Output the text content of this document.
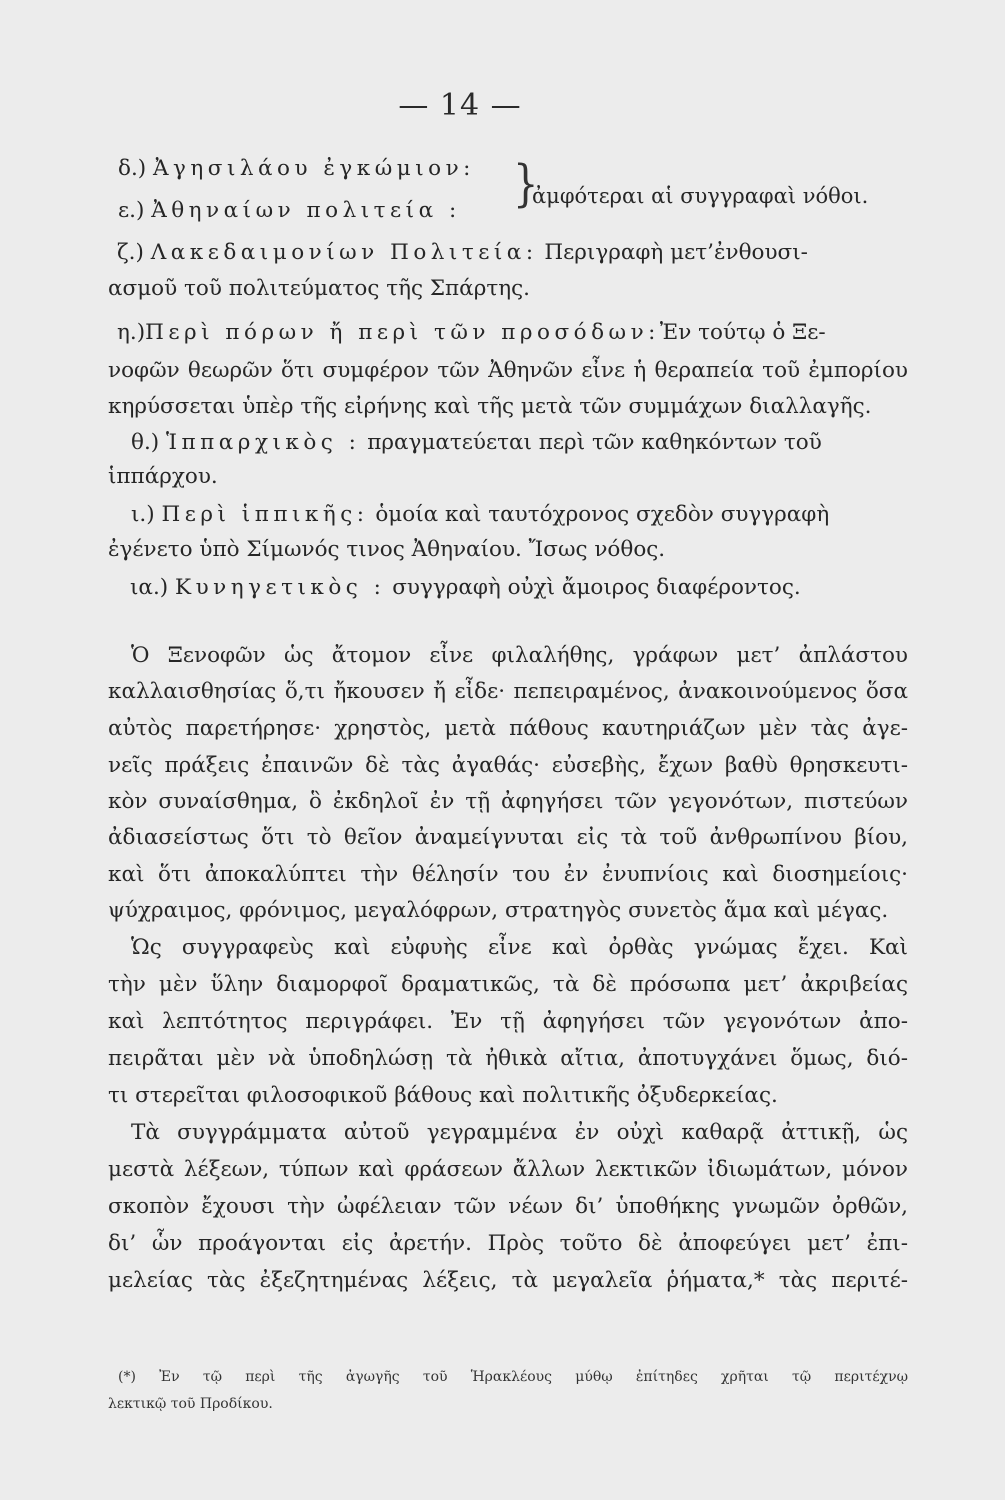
— 14 —
δ.) Ἀγησιλάου ἐγκώμιον:
ε.) Ἀθηναίων πολιτεία : }
ἀμφότεραι αἱ συγγραφαὶ νόθοι.
ζ.) Λακεδαιμονίων Πολιτεία: Περιγραφὴ μετ’ἐνθουσι-
ασμοῦ τοῦ πολιτεύματος τῆς Σπάρτης.
η.)Περὶ πόρων ἤ περὶ τῶν προσόδων:Ἐν τούτῳ ὁ Ξε-
νοφῶν θεωρῶν ὅτι συμφέρον τῶν Ἀθηνῶν εἶνε ἡ θεραπεία τοῦ ἐμπορίου
κηρύσσεται ὑπὲρ τῆς εἰρήνης καὶ τῆς μετὰ τῶν συμμάχων διαλλαγῆς.
θ.) Ἱππαρχικὸς : πραγματεύεται περὶ τῶν καθηκόντων τοῦ
ἱππάρχου.
ι.) Περὶ ἱππικῆς: ὁμοία καὶ ταυτόχρονος σχεδὸν συγγραφὴ
ἐγένετο ὑπὸ Σίμωνός τινος Ἀθηναίου. Ἴσως νόθος.
ια.) Κυνηγετικὸς : συγγραφὴ οὐχὶ ἄμοιρος διαφέροντος.
Ὁ Ξενοφῶν ὡς ἄτομον εἶνε φιλαλήθης, γράφων μετ’ ἀπλάστου
καλλαισθησίας ὅ,τι ἤκουσεν ἤ εἶδε· πεπειραμένος, ἀνακοινούμενος ὅσα
αὐτὸς παρετήρησε· χρηστὸς, μετὰ πάθους καυτηριάζων μὲν τὰς ἀγε-
νεῖς πράξεις ἐπαινῶν δὲ τὰς ἀγαθάς· εὐσεβὴς, ἔχων βαθὺ θρησκευτι-
κὸν συναίσθημα, ὃ ἐκδηλοῖ ἐν τῇ ἀφηγήσει τῶν γεγονότων, πιστεύων
ἀδιασείστως ὅτι τὸ θεῖον ἀναμείγνυται εἰς τὰ τοῦ ἀνθρωπίνου βίου,
καὶ ὅτι ἀποκαλύπτει τὴν θέλησίν του ἐν ἐνυπνίοις καὶ διοσημείοις·
ψύχραιμος, φρόνιμος, μεγαλόφρων, στρατηγὸς συνετὸς ἅμα καὶ μέγας.
Ὡς συγγραφεὺς καὶ εὐφυὴς εἶνε καὶ ὀρθὰς γνώμας ἔχει. Καὶ
τὴν μὲν ὕλην διαμορφοῖ δραματικῶς, τὰ δὲ πρόσωπα μετ’ ἀκριβείας
καὶ λεπτότητος περιγράφει. Ἐν τῇ ἀφηγήσει τῶν γεγονότων ἀπο-
πειρᾶται μὲν νὰ ὑποδηλώσῃ τὰ ἠθικὰ αἴτια, ἀποτυγχάνει ὅμως, διό-
τι στερεῖται φιλοσοφικοῦ βάθους καὶ πολιτικῆς ὀξυδερκείας.
Τὰ συγγράμματα αὐτοῦ γεγραμμένα ἐν οὐχὶ καθαρᾷ ἀττικῇ, ὡς
μεστὰ λέξεων, τύπων καὶ φράσεων ἄλλων λεκτικῶν ἰδιωμάτων, μόνον
σκοπὸν ἔχουσι τὴν ὠφέλειαν τῶν νέων δι’ ὑποθήκης γνωμῶν ὀρθῶν,
δι’ ὧν προάγονται εἰς ἀρετήν. Πρὸς τοῦτο δὲ ἀποφεύγει μετ’ ἐπι-
μελείας τὰς ἐξεζητημένας λέξεις, τὰ μεγαλεῖα ῥήματα,* τὰς περιτέ-
(*) Ἐν τῷ περὶ τῆς ἀγωγῆς τοῦ Ἡρακλέους μύθῳ ἐπίτηδες χρῆται τῷ περιτέχνῳ
λεκτικῷ τοῦ Προδίκου.
